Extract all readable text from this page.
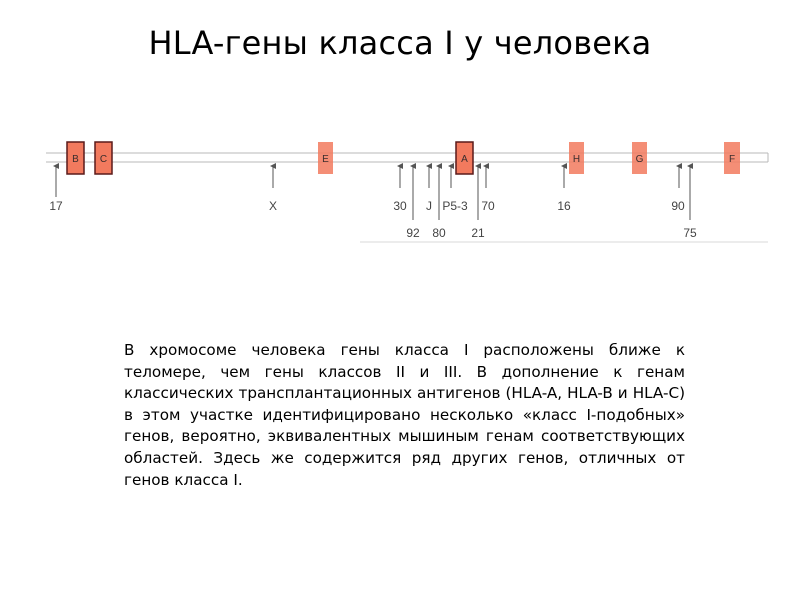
HLA-гены класса I у человека
B C	E	A	H	G	F
17	X	30
92
J
80
P5-3
21
70	16	90
75

В хромосоме человека гены класса I расположены ближе к теломере, чем гены классов II и III. В дополнение к генам классических трансплантационных антигенов (HLA-A, HLA-B и HLA-C) в этом участке идентифицировано несколько «класс I-подобных» генов, вероятно, эквивалентных мышиным генам соответствующих областей. Здесь же содержится ряд других генов, отличных от генов класса I.
